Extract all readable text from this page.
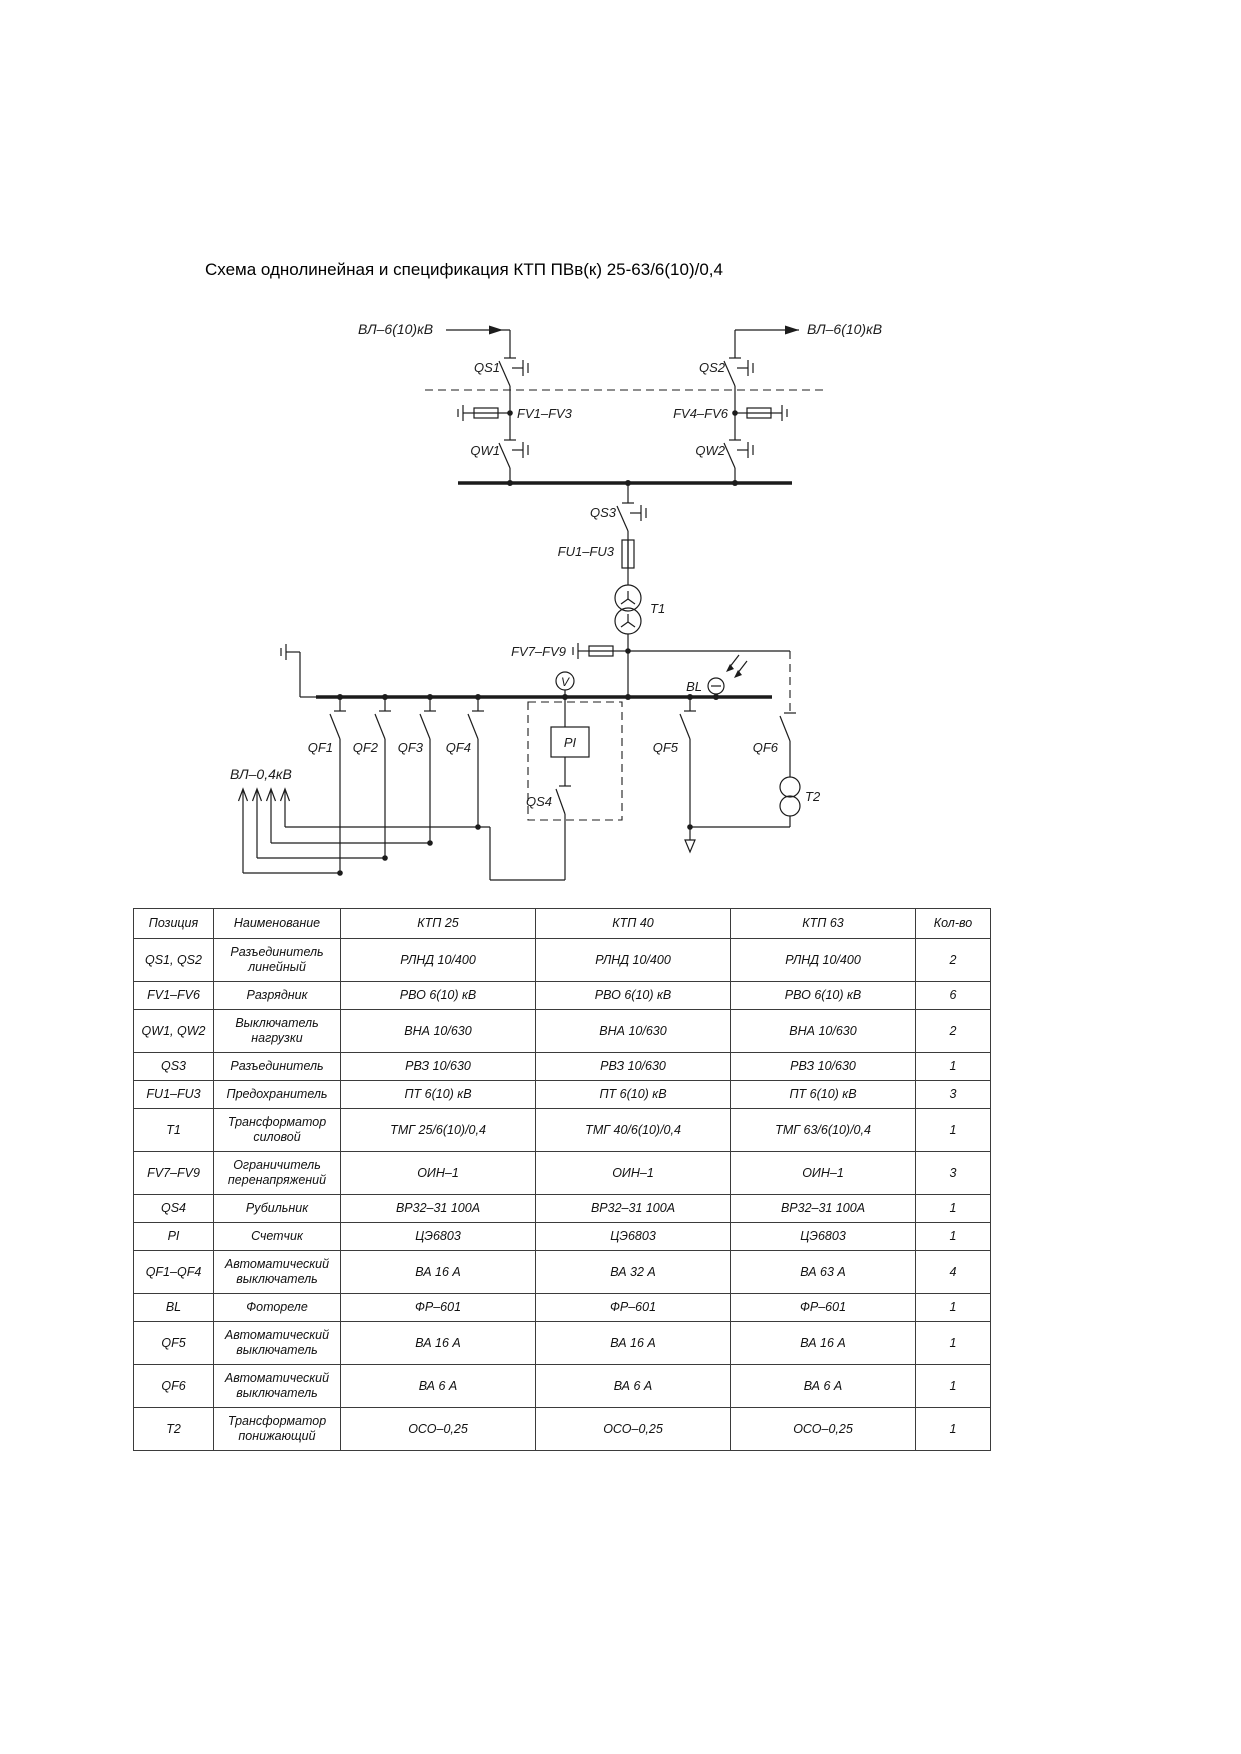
Схема однолинейная и спецификация КТП ПВв(к) 25-63/6(10)/0,4
ВЛ–6(10)кВ
QS1
FV1–FV3
QW1
ВЛ–6(10)кВ
QS2
FV4–FV6
QW2
QS3
FU1–FU3
T1
FV7–FV9
V	BL
QF1 QF2 QF3 QF4
ВЛ–0,4кВ
PI
QS4
QF5	QF6
T2
Позиция	Наименование	КТП 25	КТП 40	КТП 63	Кол-во
QS1, QS2	Разъединитель линейный	РЛНД 10/400	РЛНД 10/400	РЛНД 10/400	2
FV1–FV6	Разрядник	РВО 6(10) кВ	РВО 6(10) кВ	РВО 6(10) кВ	6
QW1, QW2	Выключатель нагрузки	ВНА 10/630	ВНА 10/630	ВНА 10/630	2
QS3	Разъединитель	РВЗ 10/630	РВЗ 10/630	РВЗ 10/630	1
FU1–FU3	Предохранитель	ПТ 6(10) кВ	ПТ 6(10) кВ	ПТ 6(10) кВ	3
T1	Трансформатор силовой	ТМГ 25/6(10)/0,4	ТМГ 40/6(10)/0,4	ТМГ 63/6(10)/0,4	1
FV7–FV9	Ограничитель перенапряжений	ОИН–1	ОИН–1	ОИН–1	3
QS4	Рубильник	ВР32–31 100А	ВР32–31 100А	ВР32–31 100А	1
PI	Счетчик	ЦЭ6803	ЦЭ6803	ЦЭ6803	1
QF1–QF4	Автоматический выключатель	ВА 16 А	ВА 32 А	ВА 63 А	4
BL	Фотореле	ФР–601	ФР–601	ФР–601	1
QF5	Автоматический выключатель	ВА 16 А	ВА 16 А	ВА 16 А	1
QF6	Автоматический выключатель	ВА 6 А	ВА 6 А	ВА 6 А	1
T2	Трансформатор понижающий	ОСО–0,25	ОСО–0,25	ОСО–0,25	1
